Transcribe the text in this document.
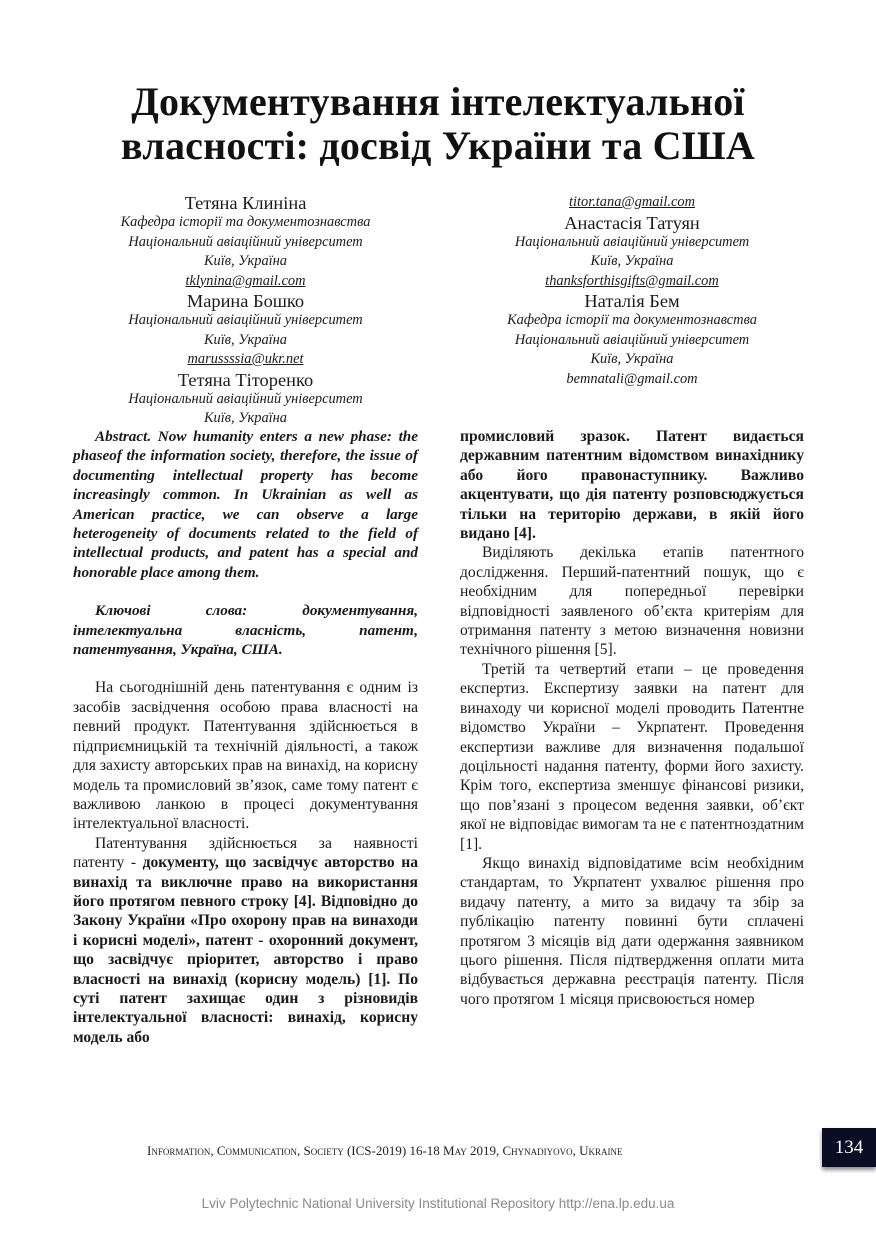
Документування інтелектуальної
власності: досвід України та США
Тетяна Клиніна
Кафедра історії та документознавства
Національний авіаційний університет
Київ, Україна
tklynina@gmail.com
Марина Бошко
Національний авіаційний університет
Київ, Україна
marussssia@ukr.net
Тетяна Тіторенко
Національний авіаційний університет
Київ, Україна
titor.tana@gmail.com
Анастасія Татуян
Національний авіаційний університет
Київ, Україна
thanksforthisgifts@gmail.com
Наталія Бем
Кафедра історії та документознавства
Національний авіаційний університет
Київ, Україна
bemnatali@gmail.com

Abstract. Now humanity enters a new phase: the phaseof the information society, therefore, the issue of documenting intellectual property has become increasingly common. In Ukrainian as well as American practice, we can observe a large heterogeneity of documents related to the field of intellectual products, and patent has a special and honorable place among them.

Ключові слова: документування, інтелектуальна власність, патент, патентування, Україна, США.

На сьогоднішній день патентування є одним із засобів засвідчення особою права власності на певний продукт. Патентування здійснюється в підприємницькій та технічній діяльності, а також для захисту авторських прав на винахід, на корисну модель та промисловий зв’язок, саме тому патент є важливою ланкою в процесі документування інтелектуальної власності.

Патентування здійснюється за наявності патенту - документу, що засвідчує авторство на винахід та виключне право на використання його протягом певного строку [4]. Відповідно до Закону України «Про охорону прав на винаходи і корисні моделі», патент - охоронний документ, що засвідчує пріоритет, авторство і право власності на винахід (корисну модель) [1]. По суті патент захищає один з різновидів інтелектуальної власності: винахід, корисну модель або

промисловий зразок. Патент видається державним патентним відомством винахіднику або його правонаступнику. Важливо акцентувати, що дія патенту розповсюджується тільки на територію держави, в якій його видано [4].

Виділяють декілька етапів патентного дослідження. Перший-патентний пошук, що є необхідним для попередньої перевірки відповідності заявленого об’єкта критеріям для отримання патенту з метою визначення новизни технічного рішення [5].

Третій та четвертий етапи – це проведення експертиз. Експертизу заявки на патент для винаходу чи корисної моделі проводить Патентне відомство України – Укрпатент. Проведення експертизи важливе для визначення подальшої доцільності надання патенту, форми його захисту. Крім того, експертиза зменшує фінансові ризики, що пов’язані з процесом ведення заявки, об’єкт якої не відповідає вимогам та не є патентноздатним [1].

Якщо винахід відповідатиме всім необхідним стандартам, то Укрпатент ухвалює рішення про видачу патенту, а мито за видачу та збір за публікацію патенту повинні бути сплачені протягом 3 місяців від дати одержання заявником цього рішення. Після підтвердження оплати мита відбувається державна реєстрація патенту. Після чого протягом 1 місяця присвоюється номер

Information, Communication, Society (ICS-2019) 16-18 May 2019, Chynadiyovo, Ukraine	134
Lviv Polytechnic National University Institutional Repository http://ena.lp.edu.ua
